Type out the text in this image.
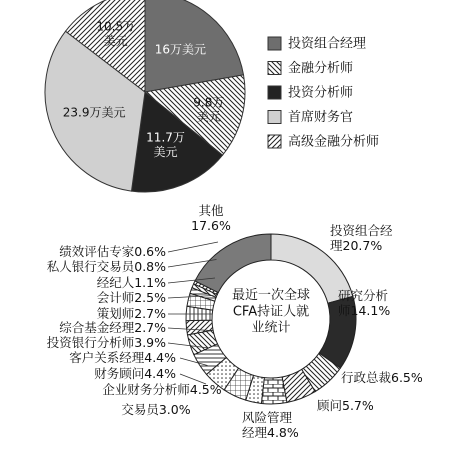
16万美元
9.8万美元
11.7万美元
23.9万美元
10.5万美元	投资组合经理
金融分析师
投资分析师
首席财务官
高级金融分析师
最近一次全球 CFA持证人就业统计
其他 17.6%	投资组合经理20.7%
研究分析师14.1%
行政总裁6.5%
顾问5.7%
风险管理经理4.8%
交易员3.0%
企业财务分析师4.5%
财务顾问4.4%
客户关系经理4.4%
投资银行分析师3.9%
综合基金经理2.7%
策划师2.7%
会计师2.5%
经纪人1.1%
私人银行交易员0.8%
绩效评估专家0.6%
